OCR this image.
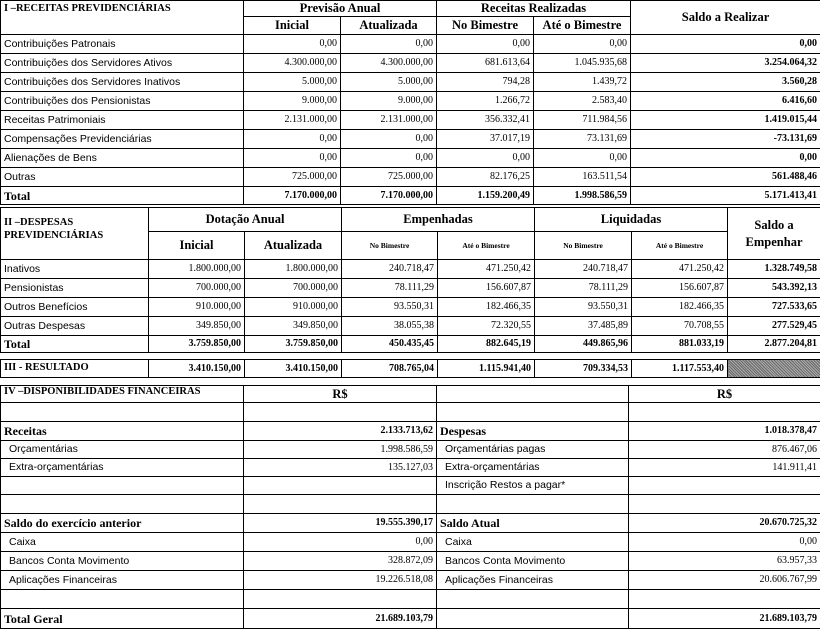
I –RECEITAS PREVIDENCIÁRIAS	Previsão Anual		Receitas Realizadas		Saldo a Realizar
	Inicial	Atualizada	No Bimestre	Até o Bimestre	
Contribuições Patronais	0,00	0,00	0,00	0,00	0,00
Contribuições dos Servidores Ativos	4.300.000,00	4.300.000,00	681.613,64	1.045.935,68	3.254.064,32
Contribuições dos Servidores Inativos	5.000,00	5.000,00	794,28	1.439,72	3.560,28
Contribuições dos Pensionistas	9.000,00	9.000,00	1.266,72	2.583,40	6.416,60
Receitas Patrimoniais	2.131.000,00	2.131.000,00	356.332,41	711.984,56	1.419.015,44
Compensações Previdenciárias	0,00	0,00	37.017,19	73.131,69	-73.131,69
Alienações de Bens	0,00	0,00	0,00	0,00	0,00
Outras	725.000,00	725.000,00	82.176,25	163.511,54	561.488,46
Total	7.170.000,00	7.170.000,00	1.159.200,49	1.998.586,59	5.171.413,41
II –DESPESAS
PREVIDENCIÁRIAS	Dotação Anual		Empenhadas		Liquidadas		Saldo a
Empenhar
	Inicial	Atualizada	No Bimestre	Até o Bimestre	No Bimestre	Até o Bimestre	
Inativos	1.800.000,00	1.800.000,00	240.718,47	471.250,42	240.718,47	471.250,42	1.328.749,58
Pensionistas	700.000,00	700.000,00	78.111,29	156.607,87	78.111,29	156.607,87	543.392,13
Outros Benefícios	910.000,00	910.000,00	93.550,31	182.466,35	93.550,31	182.466,35	727.533,65
Outras Despesas	349.850,00	349.850,00	38.055,38	72.320,55	37.485,89	70.708,55	277.529,45
Total	3.759.850,00	3.759.850,00	450.435,45	882.645,19	449.865,96	881.033,19	2.877.204,81
III - RESULTADO	3.410.150,00	3.410.150,00	708.765,04	1.115.941,40	709.334,53	1.117.553,40	
IV –DISPONIBILIDADES FINANCEIRAS	R$		R$

Receitas	2.133.713,62	Despesas	1.018.378,47
Orçamentárias	1.998.586,59	Orçamentárias pagas	876.467,06
Extra-orçamentárias	135.127,03	Extra-orçamentárias	141.911,41
		Inscrição Restos a pagar*	

Saldo do exercício anterior	19.555.390,17	Saldo Atual	20.670.725,32
Caixa	0,00	Caixa	0,00
Bancos Conta Movimento	328.872,09	Bancos Conta Movimento	63.957,33
Aplicações Financeiras	19.226.518,08	Aplicações Financeiras	20.606.767,99

Total Geral	21.689.103,79		21.689.103,79
